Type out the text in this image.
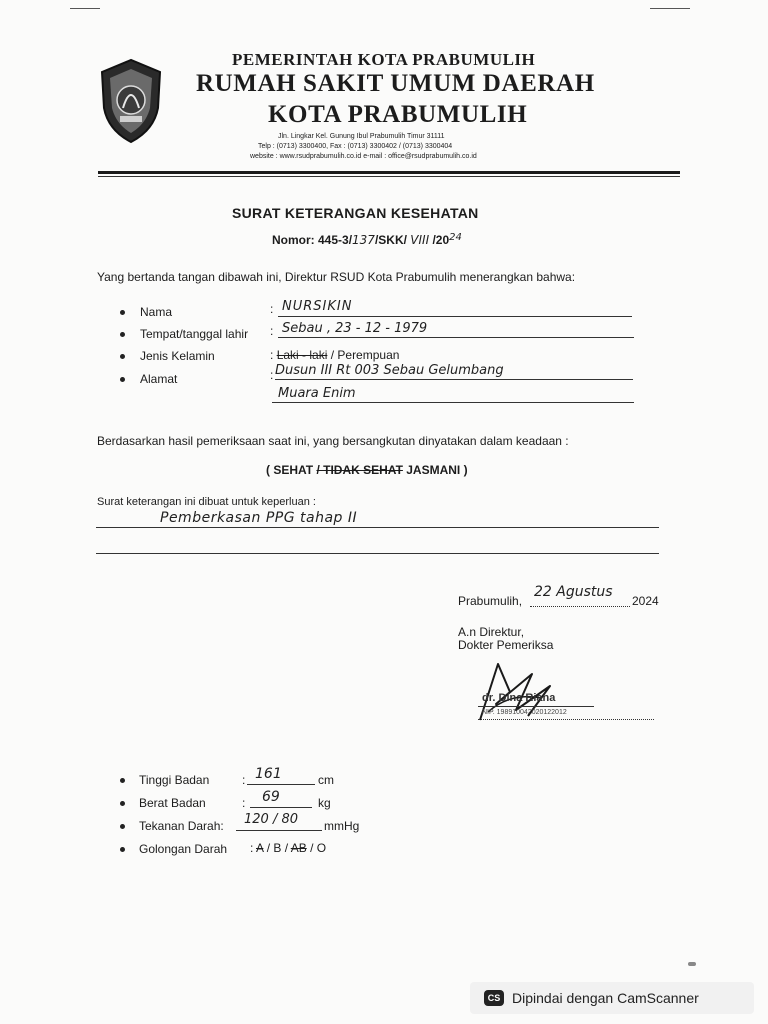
PEMERINTAH KOTA PRABUMULIH
RUMAH SAKIT UMUM DAERAH
KOTA PRABUMULIH
Jln. Lingkar Kel. Gunung Ibul Prabumulih Timur 31111
Telp : (0713) 3300400, Fax : (0713) 3300402 / (0713) 3300404
website : www.rsudprabumulih.co.id e-mail : office@rsudprabumulih.co.id
SURAT KETERANGAN KESEHATAN
Nomor: 445-3/137/SKK/ VIII $/20^{24}$
Yang bertanda tangan dibawah ini, Direktur RSUD Kota Prabumulih menerangkan bahwa:
Nama	: NURSIKIN
Tempat/tanggal lahir : Sebau , 23 - 12 - 1979
Jenis Kelamin	: Laki - laki / Perempuan
Alamat	: Dusun III Rt 003 Sebau Gelumbang
Muara Enim
Berdasarkan hasil pemeriksaan saat ini, yang bersangkutan dinyatakan dalam keadaan :
( SEHAT / TIDAK SEHAT JASMANI )
Surat keterangan ini dibuat untuk keperluan :
Pemberkasan PPG tahap II
Prabumulih,
22 Agustus
2024
A.n Direktur,
Dokter Pemeriksa
dr. Dina Riana
NIP. 198910042020122012
Tinggi Badan	: 161	cm
Berat Badan	: 69	kg
Tekanan Darah: 120 / 80 mmHg
Golongan Darah : A / B / AB / O
CS Dipindai dengan CamScanner
